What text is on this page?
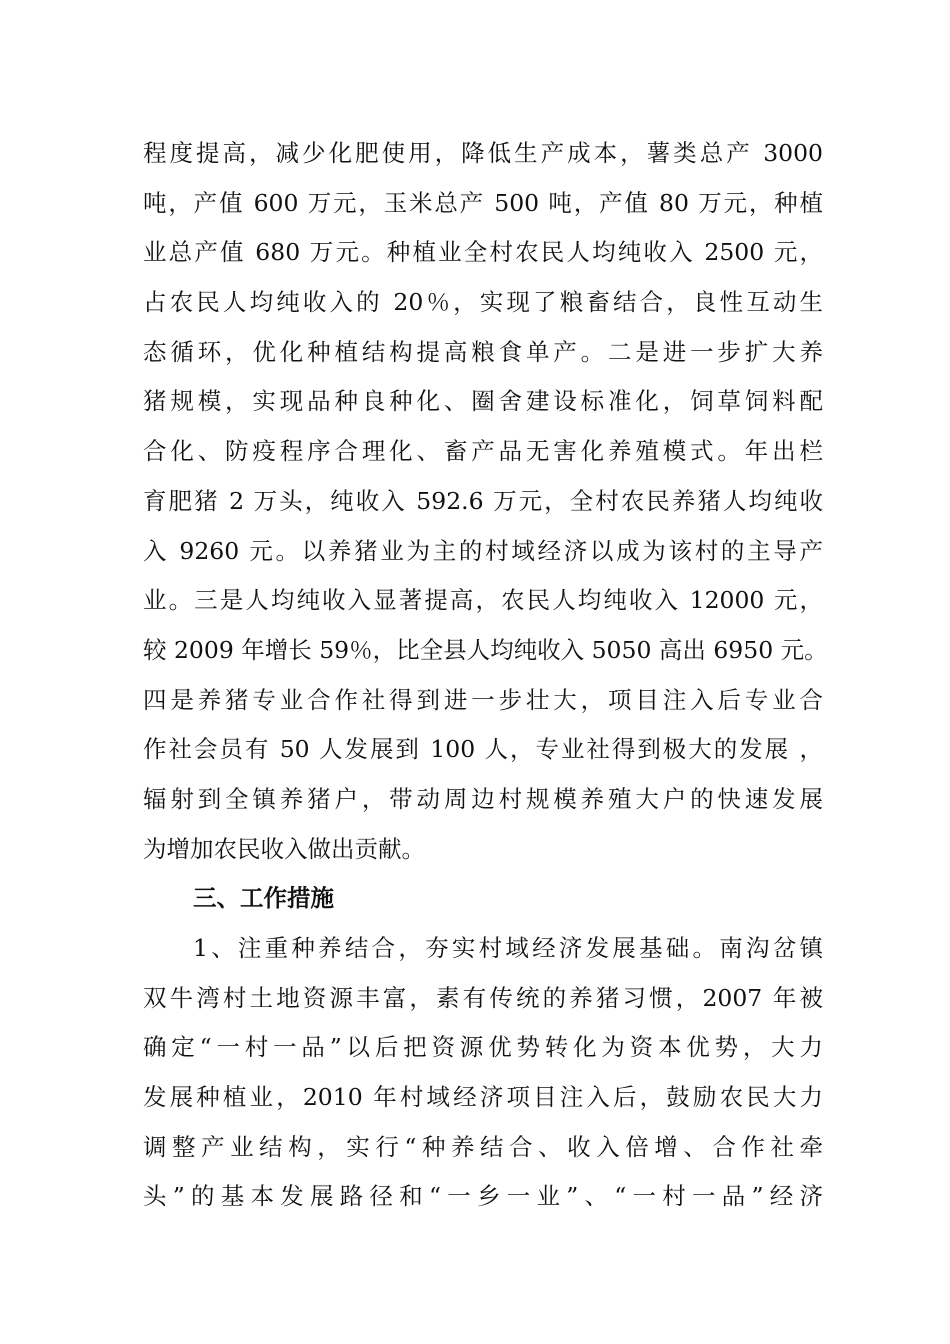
程度提高，减少化肥使用，降低生产成本，薯类总产 3000
吨，产值 600 万元，玉米总产 500 吨，产值 80 万元，种植
业总产值 680 万元。种植业全村农民人均纯收入 2500 元，
占农民人均纯收入的 20％，实现了粮畜结合，良性互动生
态循环，优化种植结构提高粮食单产。二是进一步扩大养
猪规模，实现品种良种化、圈舍建设标准化，饲草饲料配
合化、防疫程序合理化、畜产品无害化养殖模式。年出栏
育肥猪 2 万头，纯收入 592.6 万元，全村农民养猪人均纯收
入 9260 元。以养猪业为主的村域经济以成为该村的主导产
业。三是人均纯收入显著提高，农民人均纯收入 12000 元，
较 2009 年增长 59％，比全县人均纯收入 5050 高出 6950 元。
四是养猪专业合作社得到进一步壮大，项目注入后专业合
作社会员有 50 人发展到 100 人，专业社得到极大的发展 ，
辐射到全镇养猪户，带动周边村规模养殖大户的快速发展
为增加农民收入做出贡献。
三、工作措施
1、注重种养结合，夯实村域经济发展基础。南沟岔镇
双牛湾村土地资源丰富，素有传统的养猪习惯，2007 年被
确定“一村一品”以后把资源优势转化为资本优势，大力
发展种植业，2010 年村域经济项目注入后，鼓励农民大力
调整产业结构，实行“种养结合、收入倍增、合作社牵
头”的基本发展路径和“一乡一业”、“一村一品”经济
